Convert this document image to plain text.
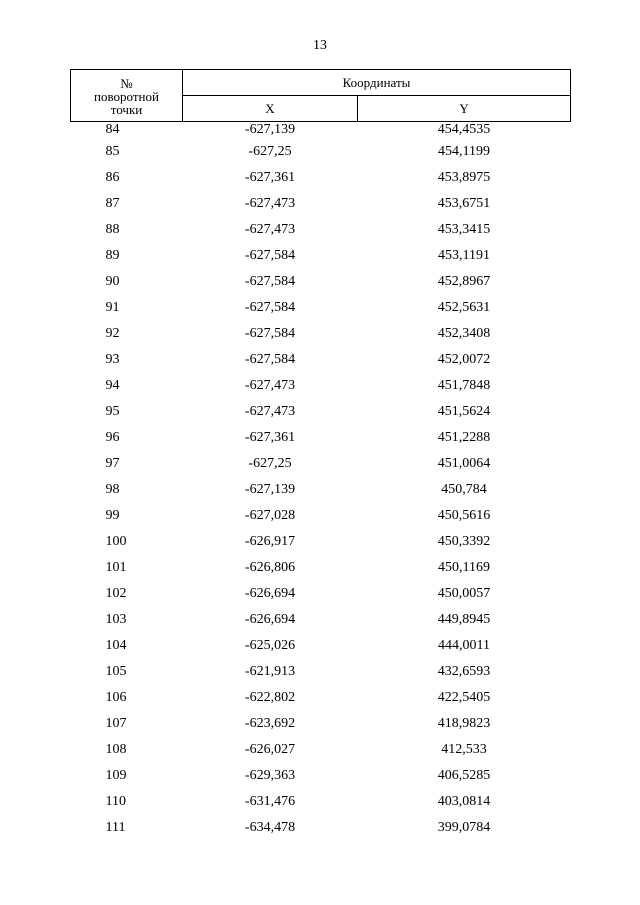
13
№
поворотной
точки	Координаты	
	X	Y
84	-627,139	454,4535
85	-627,25	454,1199
86	-627,361	453,8975
87	-627,473	453,6751
88	-627,473	453,3415
89	-627,584	453,1191
90	-627,584	452,8967
91	-627,584	452,5631
92	-627,584	452,3408
93	-627,584	452,0072
94	-627,473	451,7848
95	-627,473	451,5624
96	-627,361	451,2288
97	-627,25	451,0064
98	-627,139	450,784
99	-627,028	450,5616
100	-626,917	450,3392
101	-626,806	450,1169
102	-626,694	450,0057
103	-626,694	449,8945
104	-625,026	444,0011
105	-621,913	432,6593
106	-622,802	422,5405
107	-623,692	418,9823
108	-626,027	412,533
109	-629,363	406,5285
110	-631,476	403,0814
111	-634,478	399,0784
